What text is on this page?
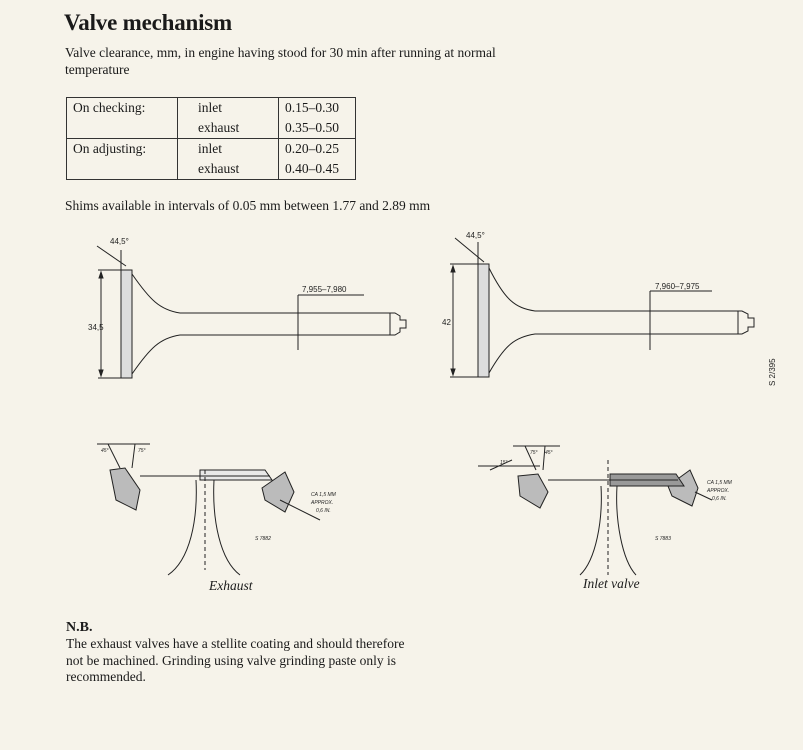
Valve mechanism
Valve clearance, mm, in engine having stood for 30 min after running at normal temperature
On checking:	inlet	0.15–0.30
	exhaust	0.35–0.50
On adjusting:	inlet	0.20–0.25
	exhaust	0.40–0.45
Shims available in intervals of 0.05 mm between 1.77 and 2.89 mm
44,5°
34,5
7,955–7,980
44,5°
42
7,960–7,975
S 2/395
45°	75°
CA 1,5 MM
APPROX.
0,6 IN.
S 7882
45°
75°
15°
CA 1,5 MM
APPROX.
0,6 IN.
S 7883
Exhaust	Inlet valve
N.B.
The exhaust valves have a stellite coating and should therefore not be machined. Grinding using valve grinding paste only is recommended.
